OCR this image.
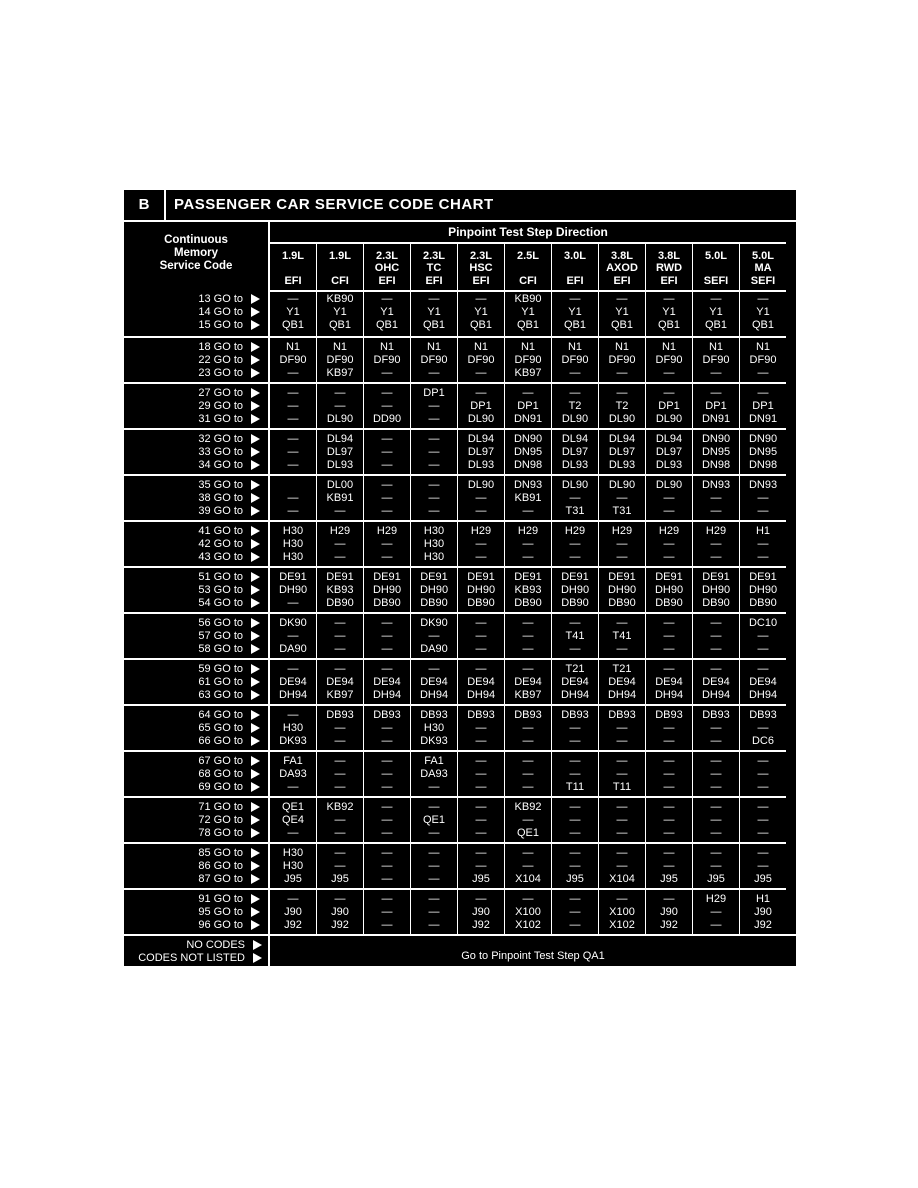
B	PASSENGER CAR SERVICE CODE CHART
Continuous
Memory
Service Code
Pinpoint Test Step Direction
1.9L
EFI
1.9L
CFI
2.3L
OHC
EFI
2.3L
TC
EFI
2.3L
HSC
EFI
2.5L
CFI
3.0L
EFI
3.8L
AXOD
EFI
3.8L
RWD
EFI
5.0L
SEFI
5.0L
MA
SEFI
13 GO to
14 GO to
15 GO to
—
Y1
QB1
KB90
Y1
QB1
—
Y1
QB1
—
Y1
QB1
—
Y1
QB1
KB90
Y1
QB1
—
Y1
QB1
—
Y1
QB1
—
Y1
QB1
—
Y1
QB1
—
Y1
QB1
18 GO to
22 GO to
23 GO to
N1
DF90
—
N1
DF90
KB97
N1
DF90
—
N1
DF90
—
N1
DF90
—
N1
DF90
KB97
N1
DF90
—
N1
DF90
—
N1
DF90
—
N1
DF90
—
N1
DF90
—
27 GO to
29 GO to
31 GO to
—
—
—
—
—
DL90
—
—
DD90
DP1
—
—
—
DP1
DL90
—
DP1
DN91
—
T2
DL90
—
T2
DL90
—
DP1
DL90
—
DP1
DN91
—
DP1
DN91
32 GO to
33 GO to
34 GO to
—
—
—
DL94
DL97
DL93
—
—
—
—
—
—
DL94
DL97
DL93
DN90
DN95
DN98
DL94
DL97
DL93
DL94
DL97
DL93
DL94
DL97
DL93
DN90
DN95
DN98
DN90
DN95
DN98
35 GO to
38 GO to
39 GO to
—
—
DL00
KB91
—
—
—
—
—
—
—
DL90
—
—
DN93
KB91
—
DL90
—
T31
DL90
—
T31
DL90
—
—
DN93
—
—
DN93
—
—
41 GO to
42 GO to
43 GO to
H30
H30
H30
H29
—
—
H29
—
—
H30
H30
H30
H29
—
—
H29
—
—
H29
—
—
H29
—
—
H29
—
—
H29
—
—
H1
—
—
51 GO to
53 GO to
54 GO to
DE91
DH90
—
DE91
KB93
DB90
DE91
DH90
DB90
DE91
DH90
DB90
DE91
DH90
DB90
DE91
KB93
DB90
DE91
DH90
DB90
DE91
DH90
DB90
DE91
DH90
DB90
DE91
DH90
DB90
DE91
DH90
DB90
56 GO to
57 GO to
58 GO to
DK90
—
DA90
—
—
—
—
—
—
DK90
—
DA90
—
—
—
—
—
—
—
T41
—
—
T41
—
—
—
—
—
—
—
DC10
—
—
59 GO to
61 GO to
63 GO to
—
DE94
DH94
—
DE94
KB97
—
DE94
DH94
—
DE94
DH94
—
DE94
DH94
—
DE94
KB97
T21
DE94
DH94
T21
DE94
DH94
—
DE94
DH94
—
DE94
DH94
—
DE94
DH94
64 GO to
65 GO to
66 GO to
—
H30
DK93
DB93
—
—
DB93
—
—
DB93
H30
DK93
DB93
—
—
DB93
—
—
DB93
—
—
DB93
—
—
DB93
—
—
DB93
—
—
DB93
—
DC6
67 GO to
68 GO to
69 GO to
FA1
DA93
—
—
—
—
—
—
—
FA1
DA93
—
—
—
—
—
—
—
—
—
T11
—
—
T11
—
—
—
—
—
—
—
—
—
71 GO to
72 GO to
78 GO to
QE1
QE4
—
KB92
—
—
—
—
—
—
QE1
—
—
—
—
KB92
—
QE1
—
—
—
—
—
—
—
—
—
—
—
—
—
—
—
85 GO to
86 GO to
87 GO to
H30
H30
J95
—
—
J95
—
—
—
—
—
—
—
—
J95
—
—
X104
—
—
J95
—
—
X104
—
—
J95
—
—
J95
—
—
J95
91 GO to
95 GO to
96 GO to
—
J90
J92
—
J90
J92
—
—
—
—
—
—
—
J90
J92
—
X100
X102
—
—
—
—
X100
X102
—
J90
J92
H29
—
—
H1
J90
J92
NO CODES
CODES NOT LISTED	Go to Pinpoint Test Step QA1
